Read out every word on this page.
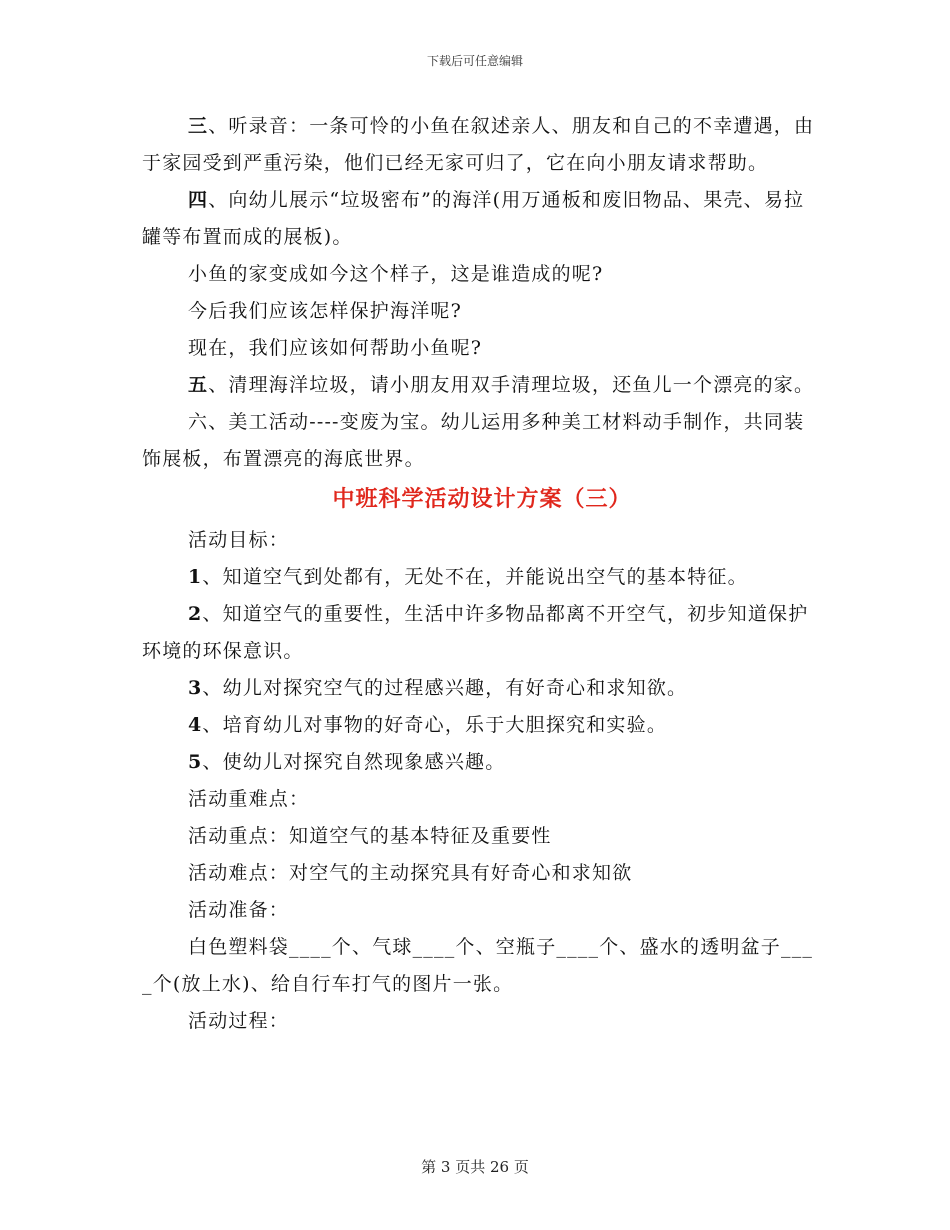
下载后可任意编辑

三、听录音：一条可怜的小鱼在叙述亲人、朋友和自己的不幸遭遇，由于家园受到严重污染，他们已经无家可归了，它在向小朋友请求帮助。

四、向幼儿展示“垃圾密布”的海洋(用万通板和废旧物品、果壳、易拉罐等布置而成的展板)。

小鱼的家变成如今这个样子，这是谁造成的呢?

今后我们应该怎样保护海洋呢?

现在，我们应该如何帮助小鱼呢?

五、清理海洋垃圾，请小朋友用双手清理垃圾，还鱼儿一个漂亮的家。

六、美工活动----变废为宝。幼儿运用多种美工材料动手制作，共同装饰展板，布置漂亮的海底世界。

中班科学活动设计方案（三）

活动目标：

1、知道空气到处都有，无处不在，并能说出空气的基本特征。

2、知道空气的重要性，生活中许多物品都离不开空气，初步知道保护环境的环保意识。

3、幼儿对探究空气的过程感兴趣，有好奇心和求知欲。

4、培育幼儿对事物的好奇心，乐于大胆探究和实验。

5、使幼儿对探究自然现象感兴趣。

活动重难点：

活动重点：知道空气的基本特征及重要性

活动难点：对空气的主动探究具有好奇心和求知欲

活动准备：

白色塑料袋____个、气球____个、空瓶子____个、盛水的透明盆子____个(放上水)、给自行车打气的图片一张。

活动过程：

第 3 页共 26 页
